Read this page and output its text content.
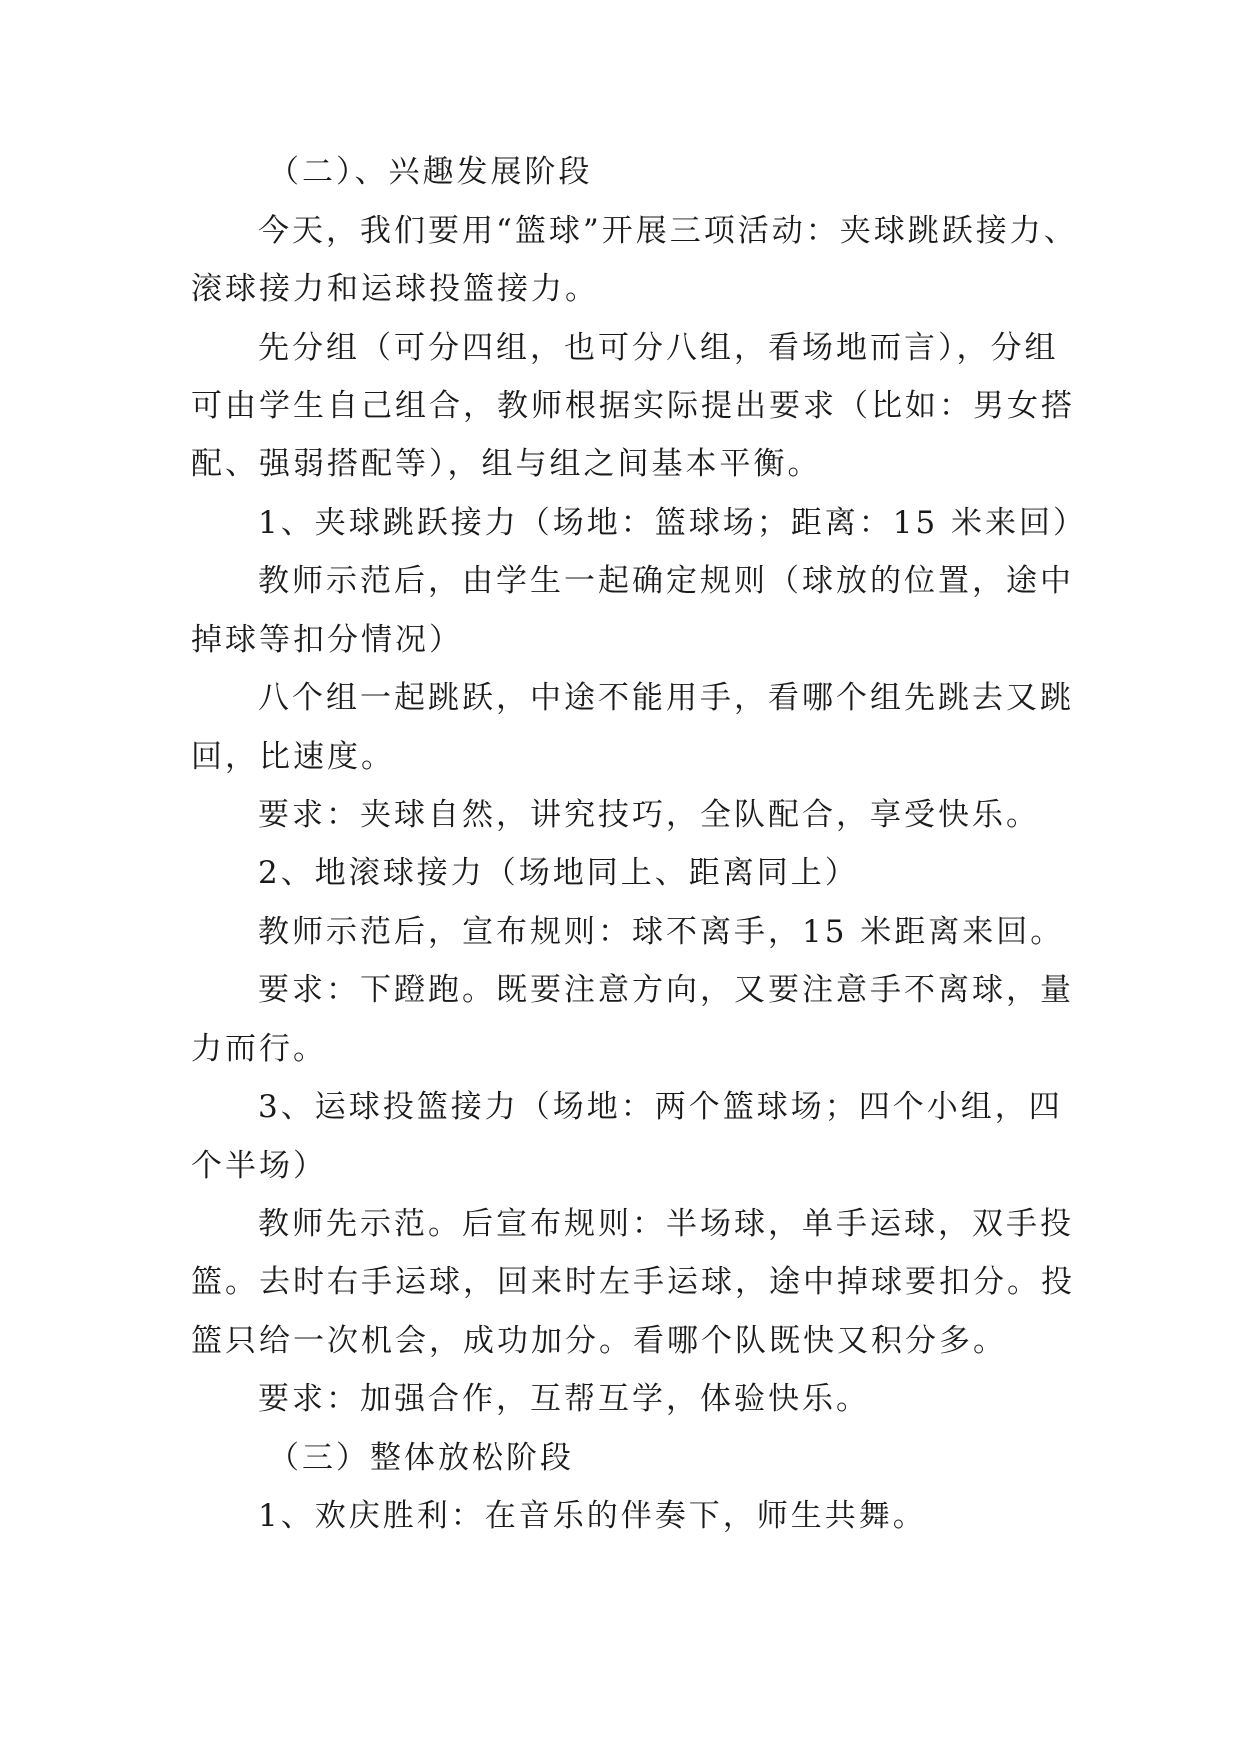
（二）、兴趣发展阶段
今天，我们要用“篮球”开展三项活动：夹球跳跃接力、
滚球接力和运球投篮接力。
先分组（可分四组，也可分八组，看场地而言），分组
可由学生自己组合，教师根据实际提出要求（比如：男女搭
配、强弱搭配等），组与组之间基本平衡。
1、夹球跳跃接力（场地：篮球场；距离：15 米来回）
教师示范后，由学生一起确定规则（球放的位置，途中
掉球等扣分情况）
八个组一起跳跃，中途不能用手，看哪个组先跳去又跳
回，比速度。
要求：夹球自然，讲究技巧，全队配合，享受快乐。
2、地滚球接力（场地同上、距离同上）
教师示范后，宣布规则：球不离手，15 米距离来回。
要求：下蹬跑。既要注意方向，又要注意手不离球，量
力而行。
3、运球投篮接力（场地：两个篮球场；四个小组，四
个半场）
教师先示范。后宣布规则：半场球，单手运球，双手投
篮。去时右手运球，回来时左手运球，途中掉球要扣分。投
篮只给一次机会，成功加分。看哪个队既快又积分多。
要求：加强合作，互帮互学，体验快乐。
（三）整体放松阶段
1、欢庆胜利：在音乐的伴奏下，师生共舞。
